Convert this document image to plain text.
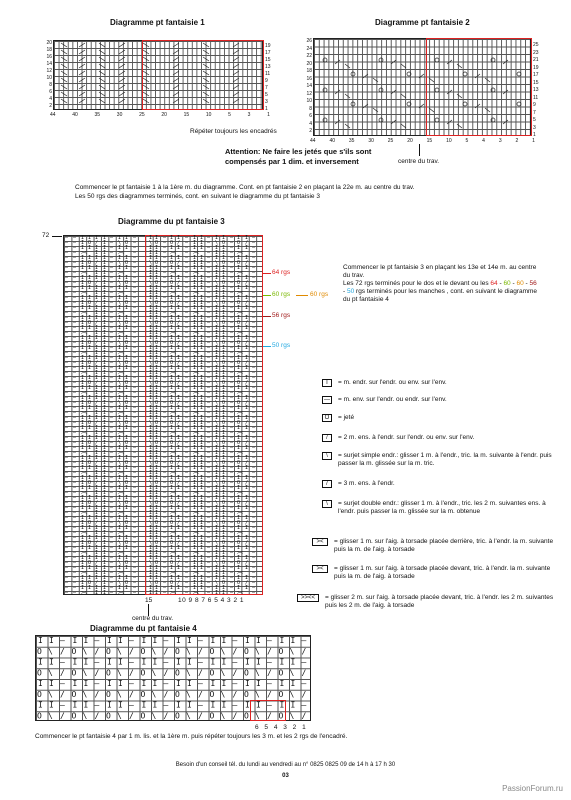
Diagramme pt fantaisie 1
20
18
16
14
12
10
8
6
4
2
19
17
15
13
11
9
7
5
3
1
44	40	35	30	25	20	15	10	5	3	1
Répéter toujours les encadrés
Diagramme pt fantaisie 2
26
24
22
20
18
16
14
12
10
8
6
4
2
25
23
21
19
17
15
13
11
9
7
5
3
1
44	40	35	30	25	20	15	10	5	4	3	2	1
centre du trav.
Attention: Ne faire les jetés que s'ils sont compensés par 1 dim. et inversement
Commencer le pt fantaisie 1 à la 1ère m. du diagramme. Cont. en pt fantaisie 2 en plaçant la 22e m. au centre du trav.
Les 50 rgs des diagrammes terminés, cont. en suivant le diagramme du pt fantaisie 3
Diagramme du pt fantaisie 3
72
64 rgs
60 rgs	60 rgs
56 rgs
50 rgs
15	10 9 8 7 6 5 4 3 2 1
centre du trav.
Commencer le pt fantaisie 3 en plaçant les 13e et 14e m. au centre du trav.
Les 72 rgs terminés pour le dos et le devant ou les 64 - 60 - 60 - 56 - 50 rgs terminés pour les manches , cont. en suivant le diagramme du pt fantaisie 4
I	= m. endr. sur l'endr. ou env. sur l'env.
—	= m. env. sur l'endr. ou endr. sur l'env.
O	= jeté
/	= 2 m. ens. à l'endr. sur l'endr. ou env. sur l'env.
\	= surjet simple endr.: glisser 1 m. à l'endr., tric. la m. suivante à l'endr. puis passer la m. glissée sur la m. tric.
/	= 3 m. ens. à l'endr.
\	= surjet double endr.: glisser 1 m. à l'endr., tric. les 2 m. suivantes ens. à l'endr. puis passer la m. glissée sur la m. obtenue
><	= glisser 1 m. sur l'aig. à torsade placée derrière, tric. à l'endr. la m. suivante puis la m. de l'aig. à torsade
><	= glisser 1 m. sur l'aig. à torsade placée devant, tric. à l'endr. la m. suivante puis la m. de l'aig. à torsade
>><<	= glisser 2 m. sur l'aig. à torsade placée devant, tric. à l'endr. les 2 m. suivantes puis les 2 m. de l'aig. à torsade
Diagramme du pt fantaisie 4
6 5 4 3 2 1
Commencer le pt fantaisie 4 par 1 m. lis. et la 1ère m. puis répéter toujours les 3 m. et les 2 rgs de l'encadré.
Besoin d'un conseil tél. du lundi au vendredi au n° 0825 0825 09 de 14 h à 17 h 30
03
PassionForum.ru
